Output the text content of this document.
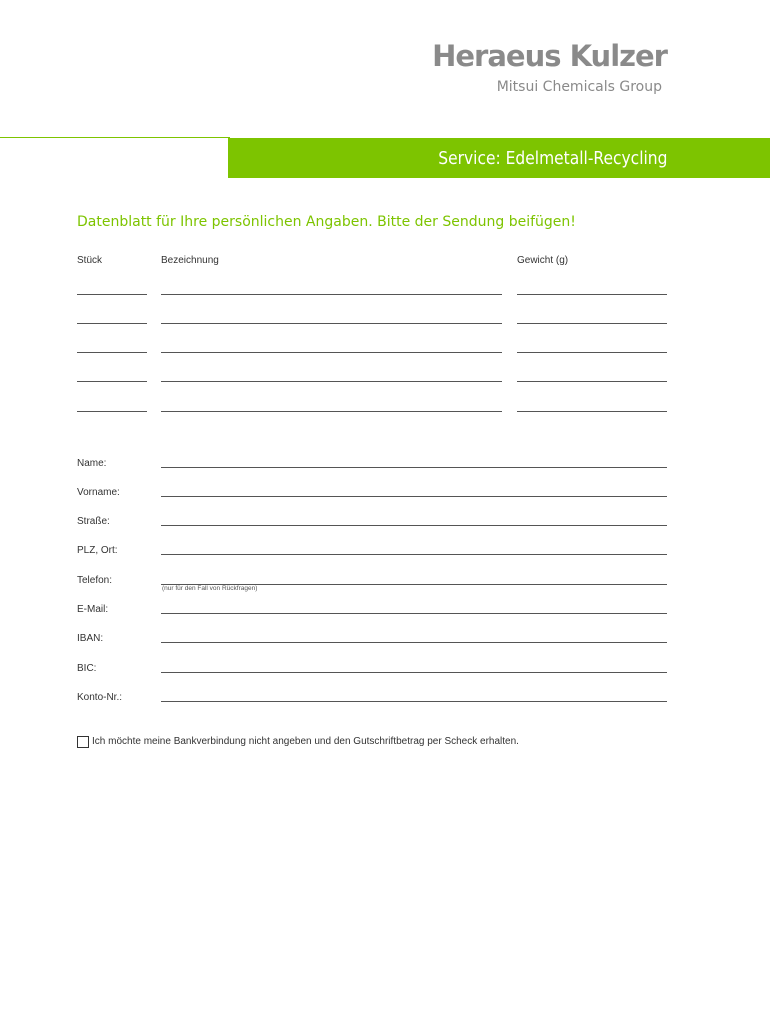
Heraeus Kulzer
Mitsui Chemicals Group
Service: Edelmetall-Recycling
Datenblatt für Ihre persönlichen Angaben. Bitte der Sendung beifügen!
Stück	Bezeichnung	Gewicht (g)
Name:
Vorname:
Straße:
PLZ, Ort:
Telefon:
(nur für den Fall von Rückfragen)
E-Mail:
IBAN:
BIC:
Konto-Nr.:
Ich möchte meine Bankverbindung nicht angeben und den Gutschriftbetrag per Scheck erhalten.
